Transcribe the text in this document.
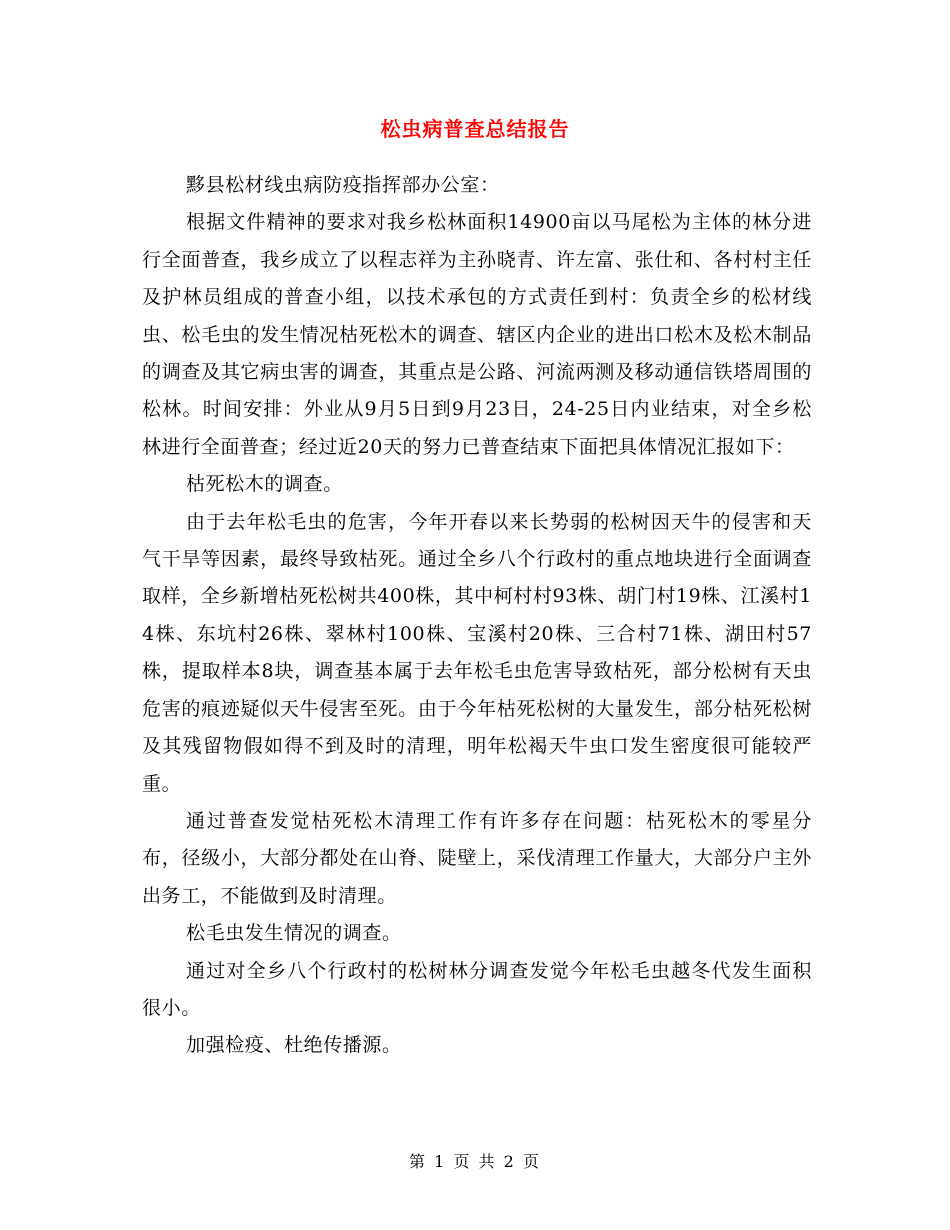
松虫病普查总结报告

黟县松材线虫病防疫指挥部办公室：

根据文件精神的要求对我乡松林面积14900亩以马尾松为主体的林分进行全面普查，我乡成立了以程志祥为主孙晓青、许左富、张仕和、各村村主任及护林员组成的普查小组，以技术承包的方式责任到村：负责全乡的松材线虫、松毛虫的发生情况枯死松木的调查、辖区内企业的进出口松木及松木制品的调查及其它病虫害的调查，其重点是公路、河流两测及移动通信铁塔周围的松林。时间安排：外业从9月5日到9月23日，24-25日内业结束，对全乡松林进行全面普查；经过近20天的努力已普查结束下面把具体情况汇报如下：

枯死松木的调查。

由于去年松毛虫的危害，今年开春以来长势弱的松树因天牛的侵害和天气干旱等因素，最终导致枯死。通过全乡八个行政村的重点地块进行全面调查取样，全乡新增枯死松树共400株，其中柯村村93株、胡门村19株、江溪村14株、东坑村26株、翠林村100株、宝溪村20株、三合村71株、湖田村57株，提取样本8块，调查基本属于去年松毛虫危害导致枯死，部分松树有天虫危害的痕迹疑似天牛侵害至死。由于今年枯死松树的大量发生，部分枯死松树及其残留物假如得不到及时的清理，明年松褐天牛虫口发生密度很可能较严重。

通过普查发觉枯死松木清理工作有许多存在问题：枯死松木的零星分布，径级小，大部分都处在山脊、陡壁上，采伐清理工作量大，大部分户主外出务工，不能做到及时清理。

松毛虫发生情况的调查。

通过对全乡八个行政村的松树林分调查发觉今年松毛虫越冬代发生面积很小。

加强检疫、杜绝传播源。

第 1 页 共 2 页
